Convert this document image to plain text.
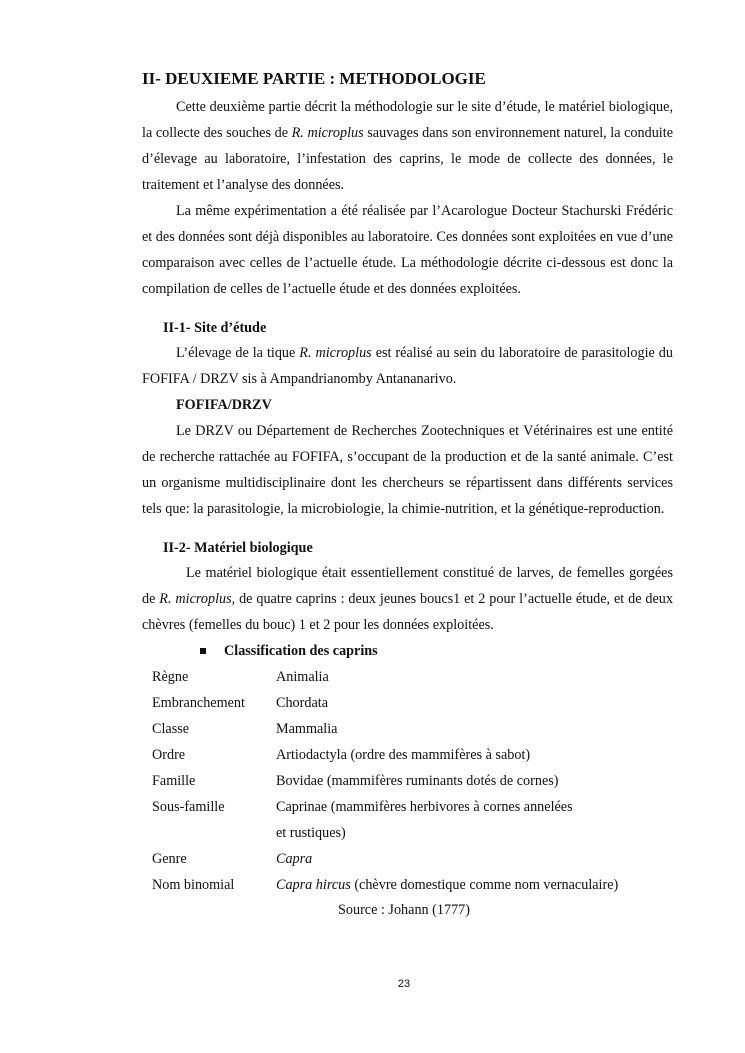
II- DEUXIEME PARTIE : METHODOLOGIE

Cette deuxième partie décrit la méthodologie sur le site d’étude, le matériel biologique, la collecte des souches de R. microplus sauvages dans son environnement naturel, la conduite d’élevage au laboratoire, l’infestation des caprins, le mode de collecte des données, le traitement et l’analyse des données.

La même expérimentation a été réalisée par l’Acarologue Docteur Stachurski Frédéric et des données sont déjà disponibles au laboratoire. Ces données sont exploitées en vue d’une comparaison avec celles de l’actuelle étude. La méthodologie décrite ci-dessous est donc la compilation de celles de l’actuelle étude et des données exploitées.

II-1- Site d’étude

L’élevage de la tique R. microplus est réalisé au sein du laboratoire de parasitologie du FOFIFA / DRZV sis à Ampandrianomby Antananarivo.

FOFIFA/DRZV

Le DRZV ou Département de Recherches Zootechniques et Vétérinaires est une entité de recherche rattachée au FOFIFA, s’occupant de la production et de la santé animale. C’est un organisme multidisciplinaire dont les chercheurs se répartissent dans différents services tels que: la parasitologie, la microbiologie, la chimie-nutrition, et la génétique-reproduction.

II-2- Matériel biologique

Le matériel biologique était essentiellement constitué de larves, de femelles gorgées de R. microplus, de quatre caprins : deux jeunes boucs1 et 2 pour l’actuelle étude, et de deux chèvres (femelles du bouc) 1 et 2 pour les données exploitées.

Classification des caprins
Règne	Animalia
Embranchement	Chordata
Classe	Mammalia
Ordre	Artiodactyla (ordre des mammifères à sabot)
Famille	Bovidae (mammifères ruminants dotés de cornes)
Sous-famille	Caprinae (mammifères herbivores à cornes annelées
et rustiques)
Genre	Capra
Nom binomial	Capra hircus (chèvre domestique comme nom vernaculaire)
Source : Johann (1777)
23
